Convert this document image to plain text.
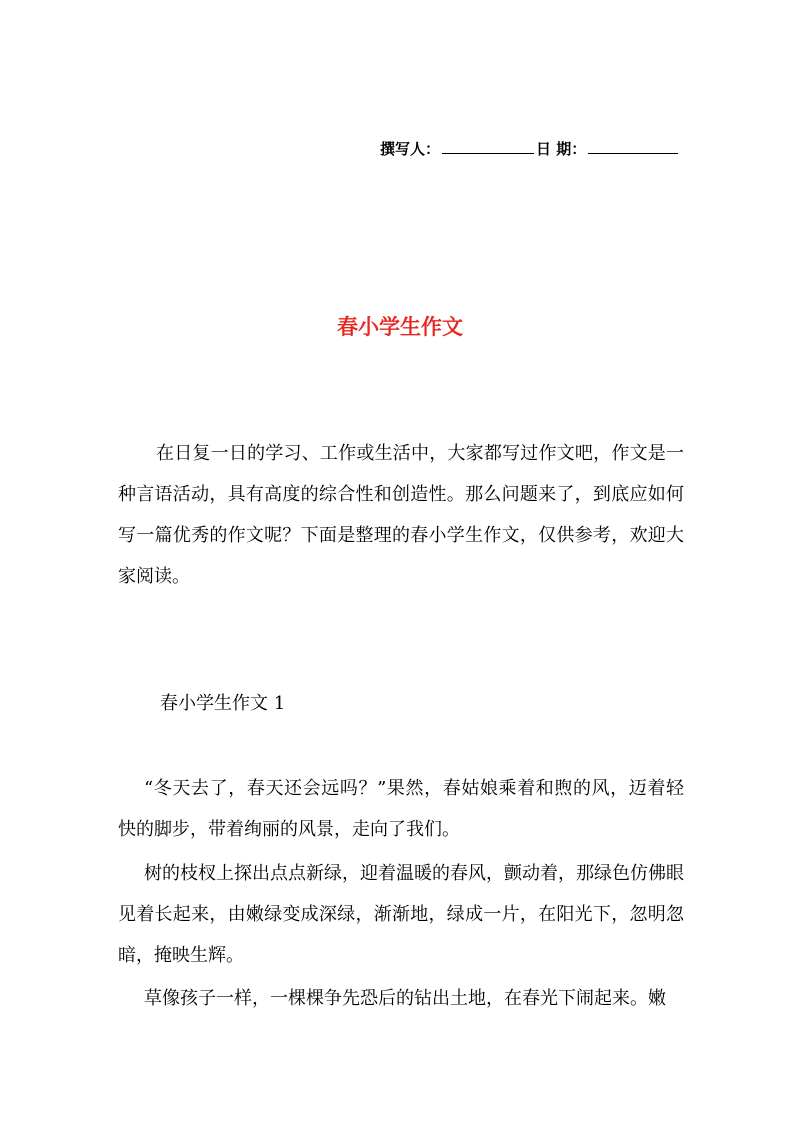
撰写人：	日 期：
春小学生作文
在日复一日的学习、工作或生活中，大家都写过作文吧，作文是一种言语活动，具有高度的综合性和创造性。那么问题来了，到底应如何写一篇优秀的作文呢？下面是整理的春小学生作文，仅供参考，欢迎大家阅读。
春小学生作文 1
“冬天去了，春天还会远吗？”果然，春姑娘乘着和煦的风，迈着轻快的脚步，带着绚丽的风景，走向了我们。
树的枝杈上探出点点新绿，迎着温暖的春风，颤动着，那绿色仿佛眼见着长起来，由嫩绿变成深绿，渐渐地，绿成一片，在阳光下，忽明忽暗，掩映生辉。
草像孩子一样，一棵棵争先恐后的钻出土地，在春光下闹起来。嫩
